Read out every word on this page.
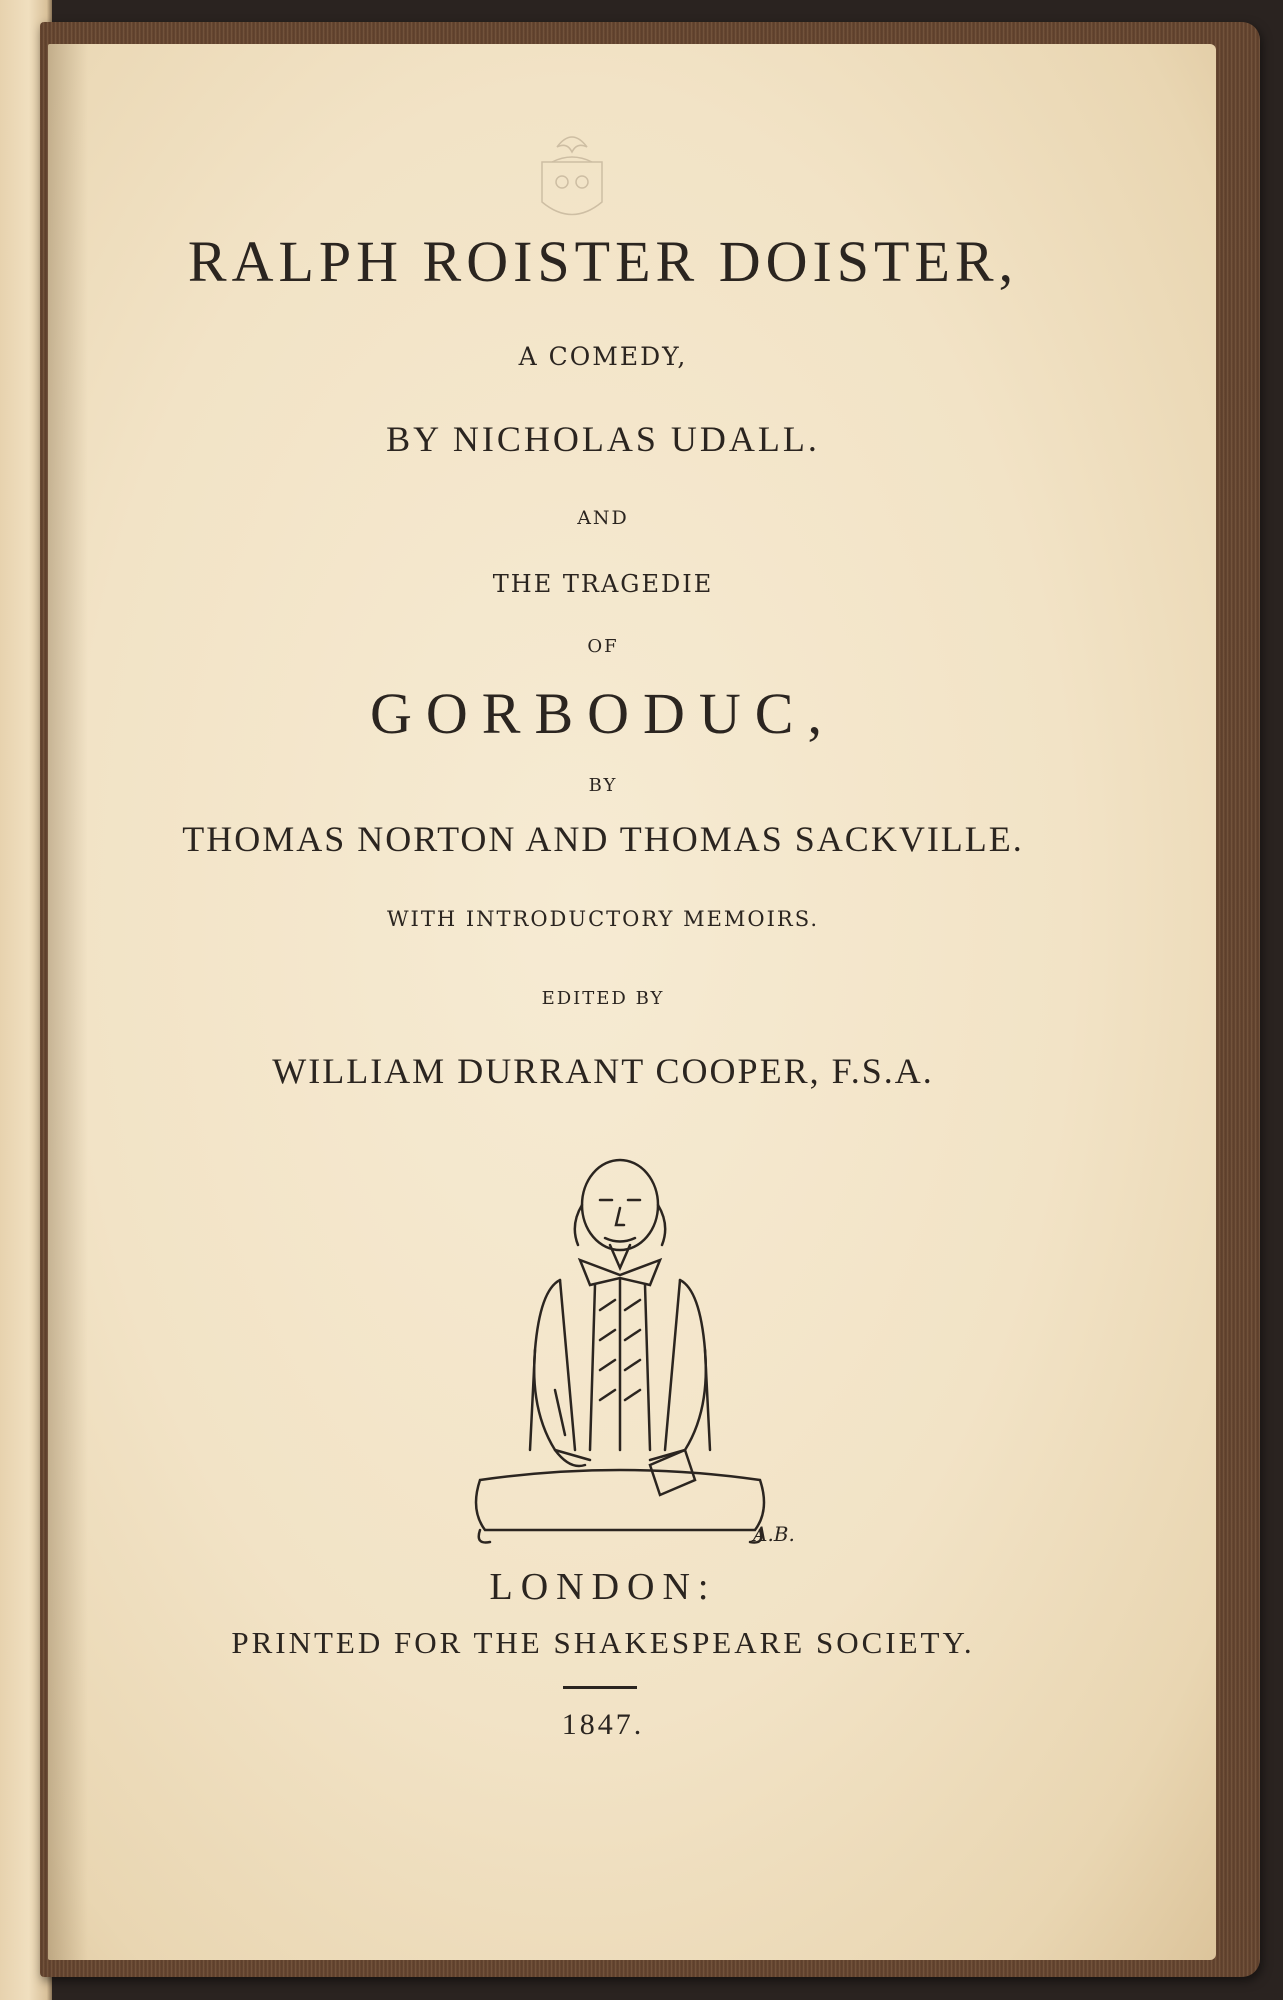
RALPH ROISTER DOISTER,
A COMEDY,
BY NICHOLAS UDALL.
AND
THE TRAGEDIE
OF
GORBODUC,
BY
THOMAS NORTON AND THOMAS SACKVILLE.
WITH INTRODUCTORY MEMOIRS.
EDITED BY
WILLIAM DURRANT COOPER, F.S.A.
A.B.
LONDON:
PRINTED FOR THE SHAKESPEARE SOCIETY.
1847.
